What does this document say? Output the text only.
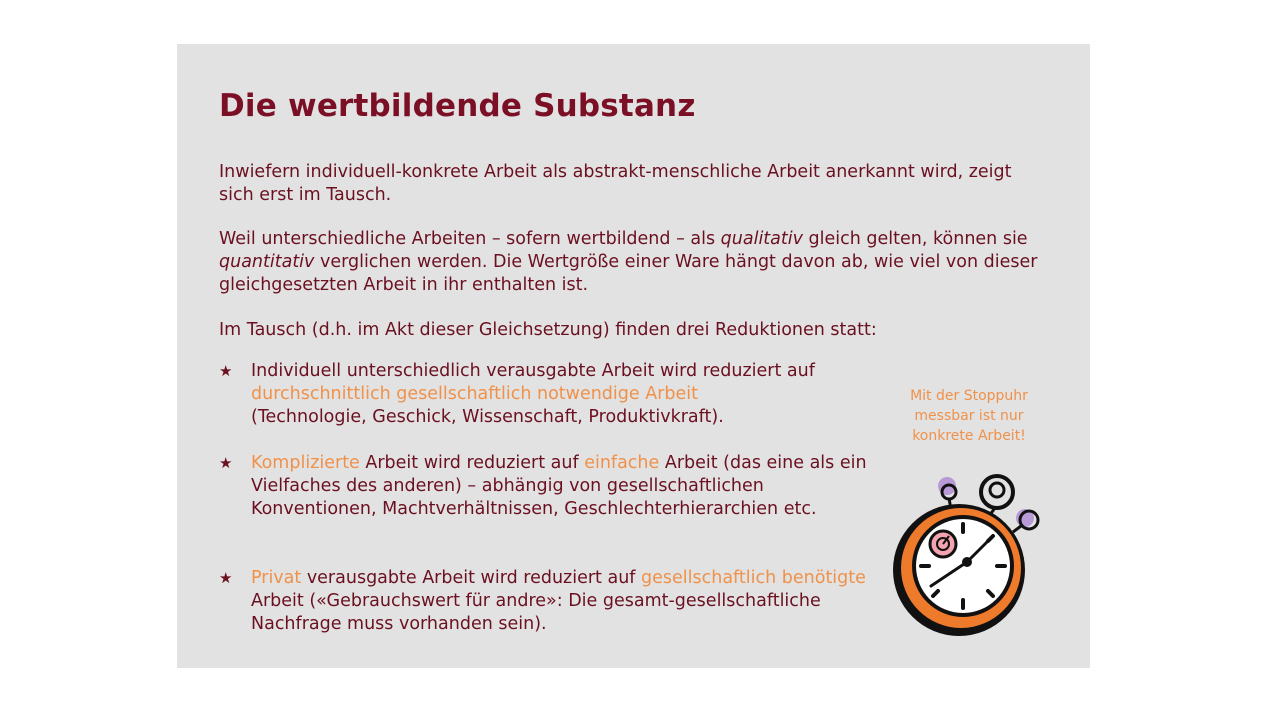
Die wertbildende Substanz

Inwiefern individuell-konkrete Arbeit als abstrakt-menschliche Arbeit anerkannt wird, zeigt sich erst im Tausch.

Weil unterschiedliche Arbeiten – sofern wertbildend – als qualitativ gleich gelten, können sie quantitativ verglichen werden. Die Wertgröße einer Ware hängt davon ab, wie viel von dieser gleichgesetzten Arbeit in ihr enthalten ist.

Im Tausch (d.h. im Akt dieser Gleichsetzung) finden drei Reduktionen statt:

★ Individuell unterschiedlich verausgabte Arbeit wird reduziert auf durchschnittlich gesellschaftlich notwendige Arbeit
(Technologie, Geschick, Wissenschaft, Produktivkraft).
★ Komplizierte Arbeit wird reduziert auf einfache Arbeit (das eine als ein Vielfaches des anderen) – abhängig von gesellschaftlichen Konventionen, Machtverhältnissen, Geschlechterhierarchien etc.
★ Privat verausgabte Arbeit wird reduziert auf gesellschaftlich benötigte Arbeit («Gebrauchswert für andre»: Die gesamt-gesellschaftliche Nachfrage muss vorhanden sein).
Mit der Stoppuhr messbar ist nur konkrete Arbeit!
